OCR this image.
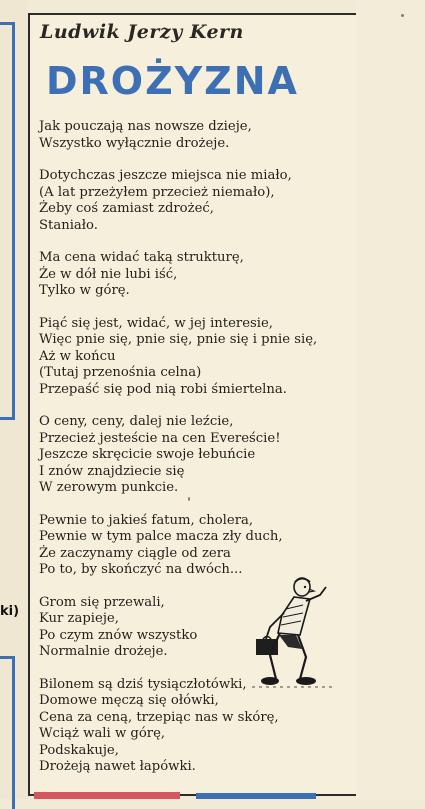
ki)
Ludwik Jerzy Kern
DROŻYZNA
Jak pouczają nas nowsze dzieje,
Wszystko wyłącznie drożeje.
Dotychczas jeszcze miejsca nie miało,
(A lat przeżyłem przecież niemało),
Żeby coś zamiast zdrożeć,
Staniało.
Ma cena widać taką strukturę,
Że w dół nie lubi iść,
Tylko w górę.
Piąć się jest, widać, w jej interesie,
Więc pnie się, pnie się, pnie się i pnie się,
Aż w końcu
(Tutaj przenośnia celna)
Przepaść się pod nią robi śmiertelna.
O ceny, ceny, dalej nie leźcie,
Przecież jesteście na cen Evereście!
Jeszcze skręcicie swoje łebuńcie
I znów znajdziecie się
W zerowym punkcie.
Pewnie to jakieś fatum, cholera,
Pewnie w tym palce macza zły duch,
Że zaczynamy ciągle od zera
Po to, by skończyć na dwóch...
Grom się przewali,
Kur zapieje,
Po czym znów wszystko
Normalnie drożeje.
Bilonem są dziś tysiączłotówki,
Domowe męczą się ołówki,
Cena za ceną, trzepiąc nas w skórę,
Wciąż wali w górę,
Podskakuje,
Drożeją nawet łapówki.
